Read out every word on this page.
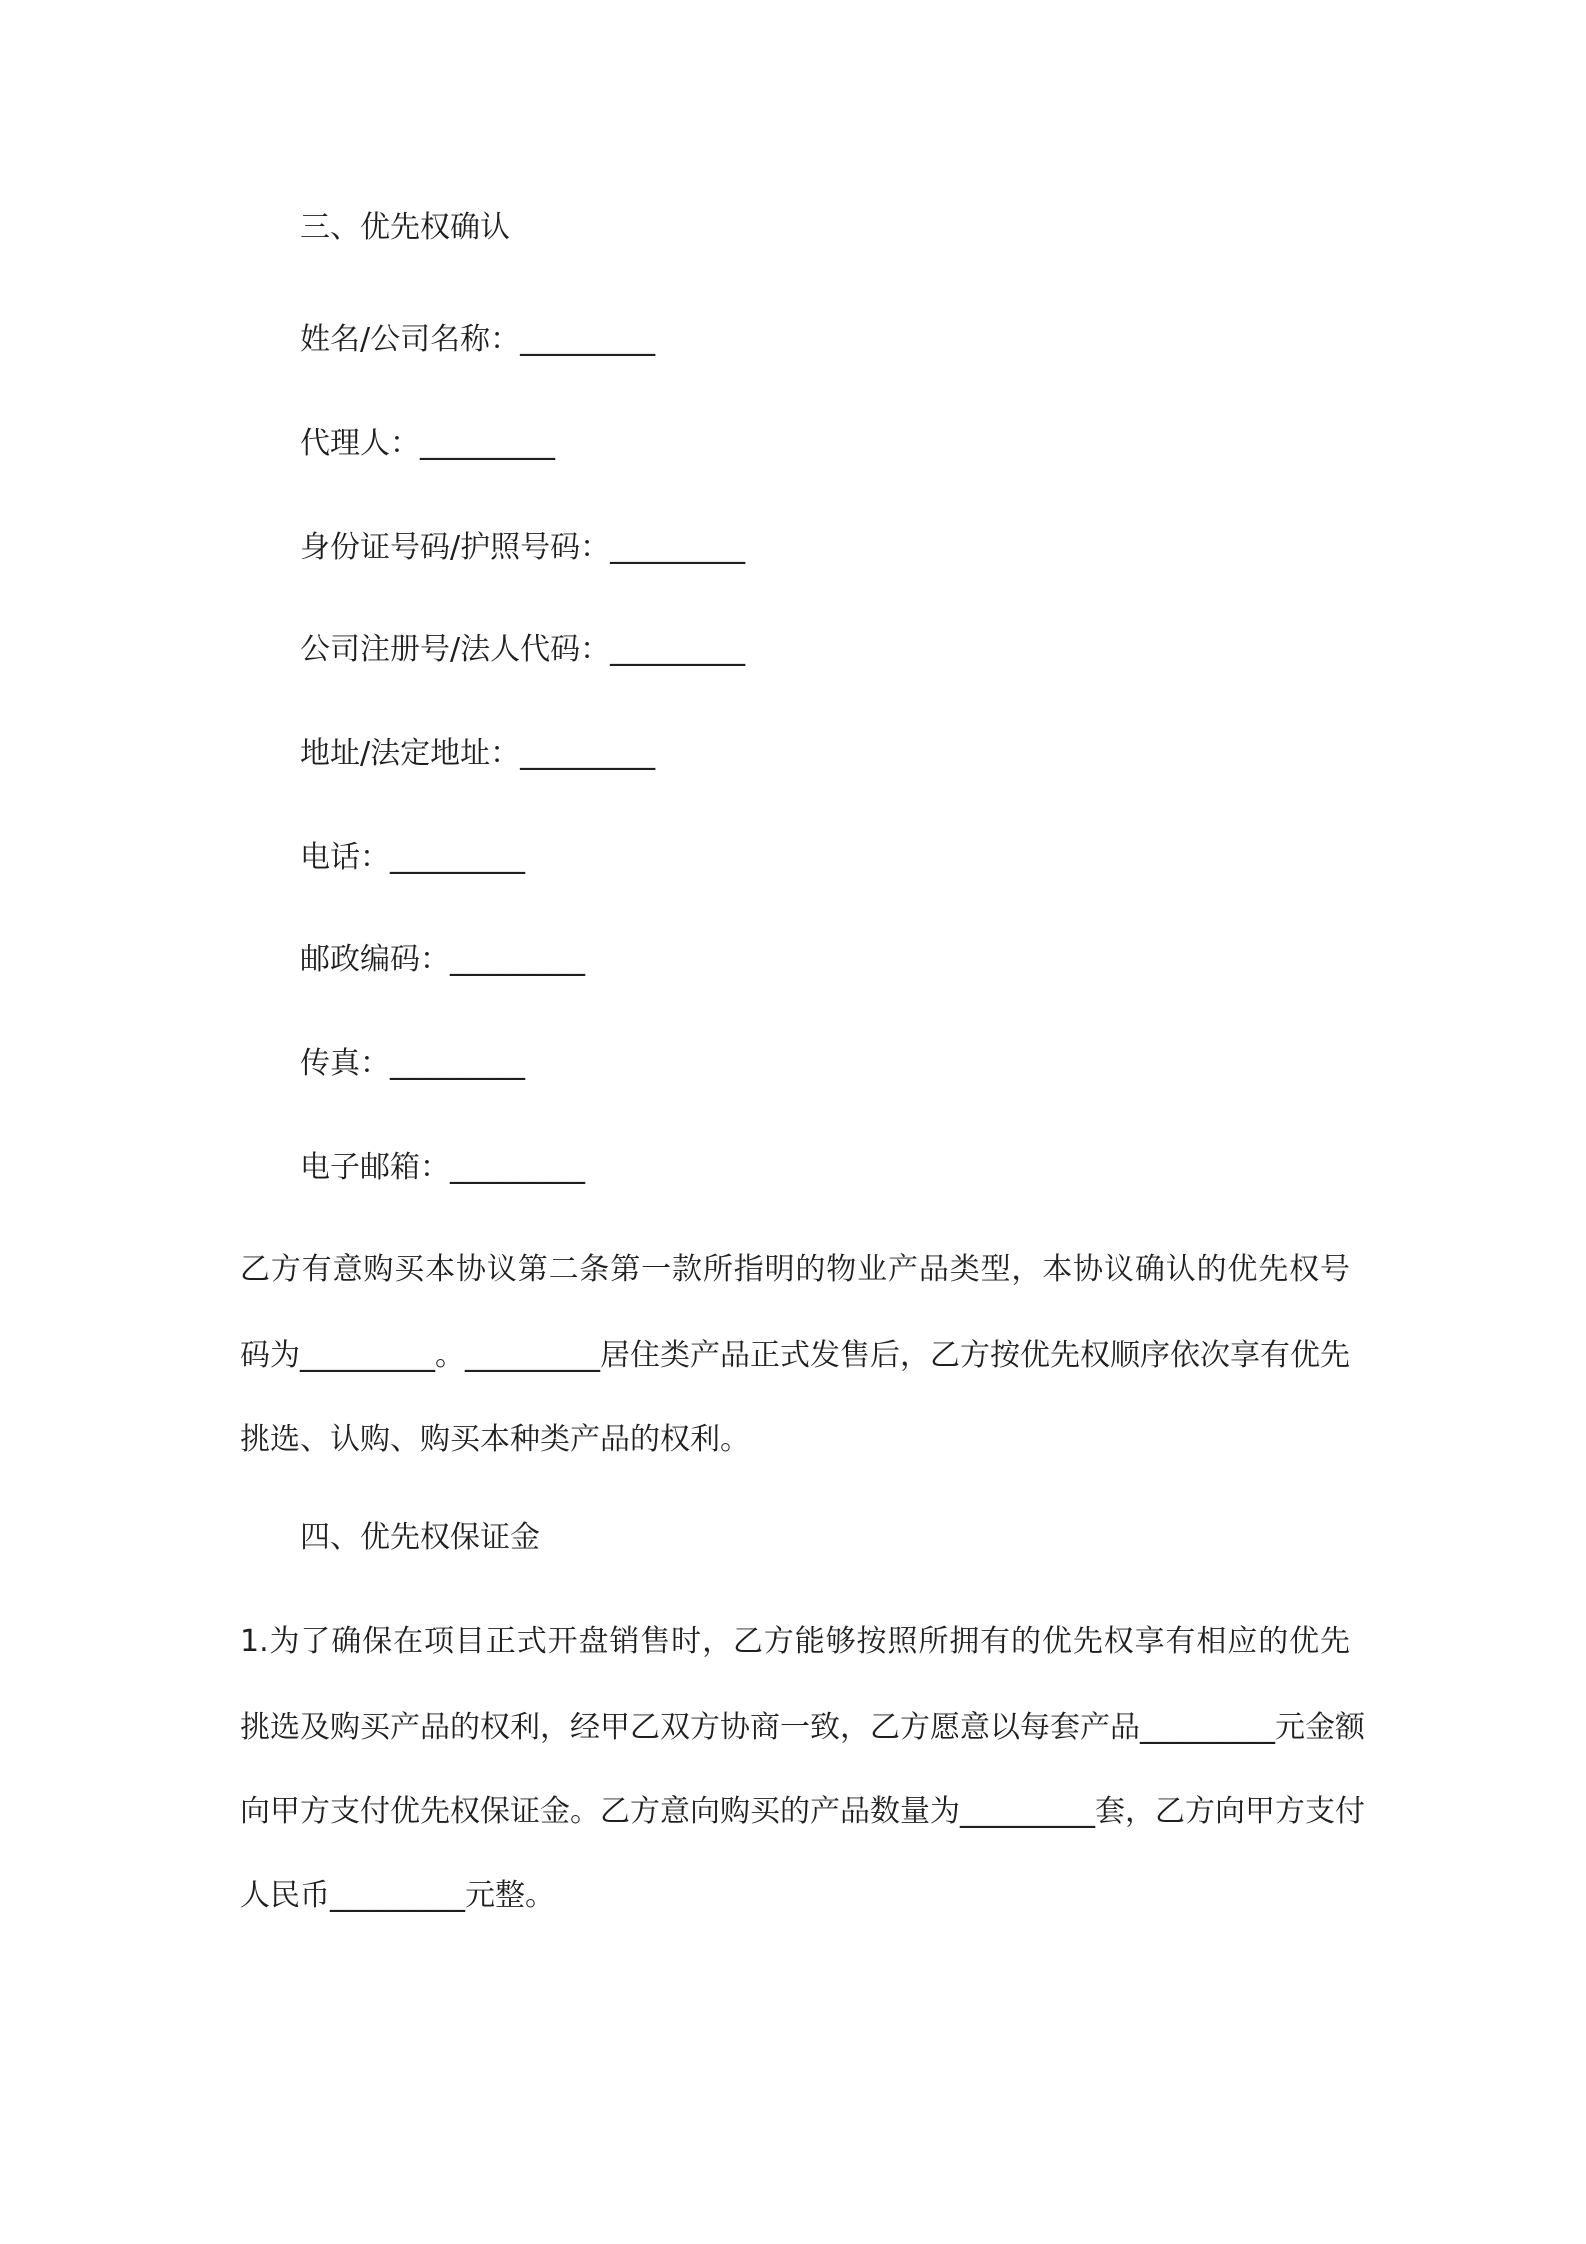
三、优先权确认
姓名/公司名称：_________
代理人：_________
身份证号码/护照号码：_________
公司注册号/法人代码：_________
地址/法定地址：_________
电话：_________
邮政编码：_________
传真：_________
电子邮箱：_________
乙方有意购买本协议第二条第一款所指明的物业产品类型，本协议确认的优先权号
码为_________。_________居住类产品正式发售后，乙方按优先权顺序依次享有优先
挑选、认购、购买本种类产品的权利。
四、优先权保证金
1.为了确保在项目正式开盘销售时，乙方能够按照所拥有的优先权享有相应的优先
挑选及购买产品的权利，经甲乙双方协商一致，乙方愿意以每套产品_________元金额
向甲方支付优先权保证金。乙方意向购买的产品数量为_________套，乙方向甲方支付
人民币_________元整。
